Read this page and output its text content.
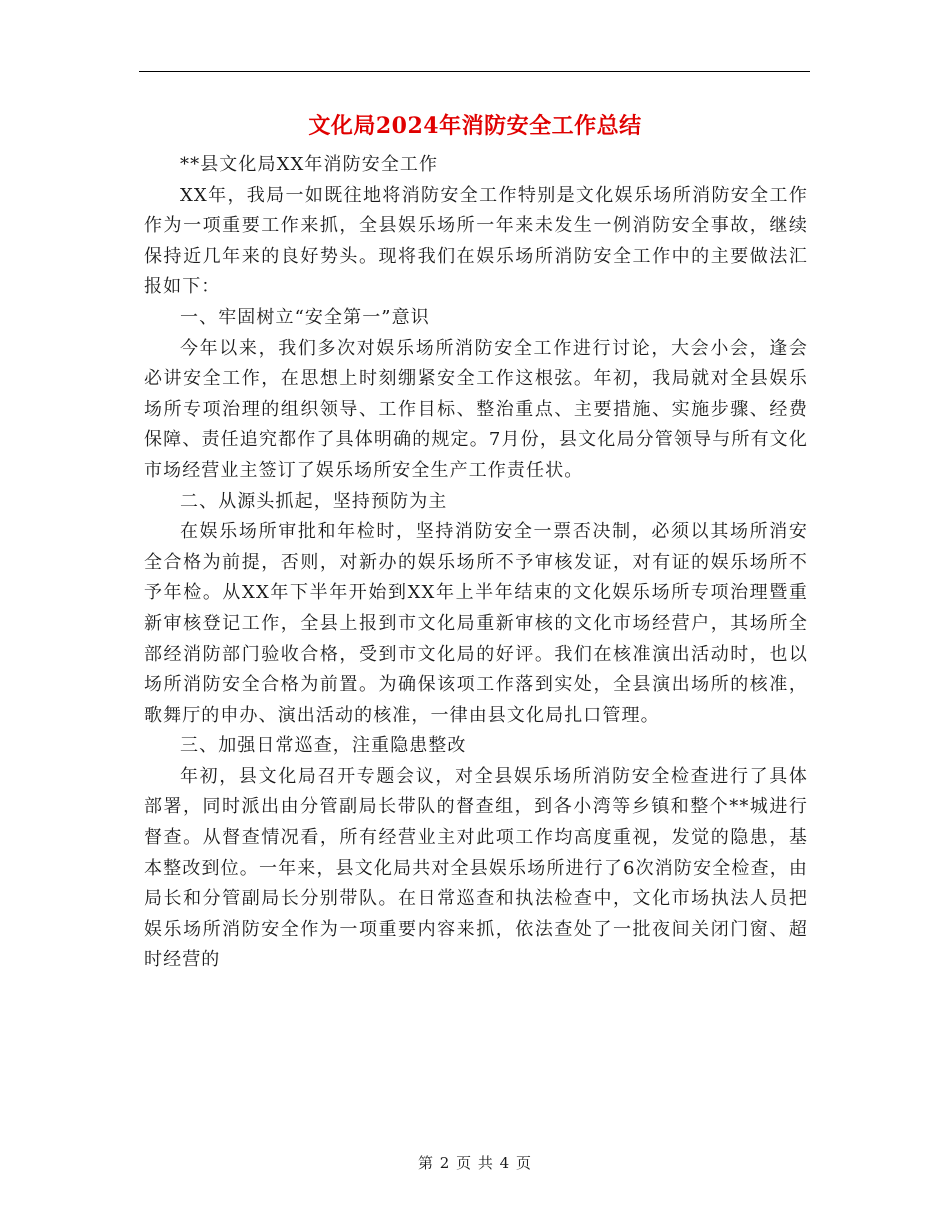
文化局2024年消防安全工作总结

**县文化局XX年消防安全工作

XX年，我局一如既往地将消防安全工作特别是文化娱乐场所消防安全工作作为一项重要工作来抓，全县娱乐场所一年来未发生一例消防安全事故，继续保持近几年来的良好势头。现将我们在娱乐场所消防安全工作中的主要做法汇报如下：

一、牢固树立“安全第一”意识

今年以来，我们多次对娱乐场所消防安全工作进行讨论，大会小会，逢会必讲安全工作，在思想上时刻绷紧安全工作这根弦。年初，我局就对全县娱乐场所专项治理的组织领导、工作目标、整治重点、主要措施、实施步骤、经费保障、责任追究都作了具体明确的规定。7月份，县文化局分管领导与所有文化市场经营业主签订了娱乐场所安全生产工作责任状。

二、从源头抓起，坚持预防为主

在娱乐场所审批和年检时，坚持消防安全一票否决制，必须以其场所消安全合格为前提，否则，对新办的娱乐场所不予审核发证，对有证的娱乐场所不予年检。从XX年下半年开始到XX年上半年结束的文化娱乐场所专项治理暨重新审核登记工作，全县上报到市文化局重新审核的文化市场经营户，其场所全部经消防部门验收合格，受到市文化局的好评。我们在核准演出活动时，也以场所消防安全合格为前置。为确保该项工作落到实处，全县演出场所的核准，歌舞厅的申办、演出活动的核准，一律由县文化局扎口管理。

三、加强日常巡查，注重隐患整改

年初，县文化局召开专题会议，对全县娱乐场所消防安全检查进行了具体部署，同时派出由分管副局长带队的督查组，到各小湾等乡镇和整个**城进行督查。从督查情况看，所有经营业主对此项工作均高度重视，发觉的隐患，基本整改到位。一年来，县文化局共对全县娱乐场所进行了6次消防安全检查，由局长和分管副局长分别带队。在日常巡查和执法检查中，文化市场执法人员把娱乐场所消防安全作为一项重要内容来抓，依法查处了一批夜间关闭门窗、超时经营的

第 2 页 共 4 页
